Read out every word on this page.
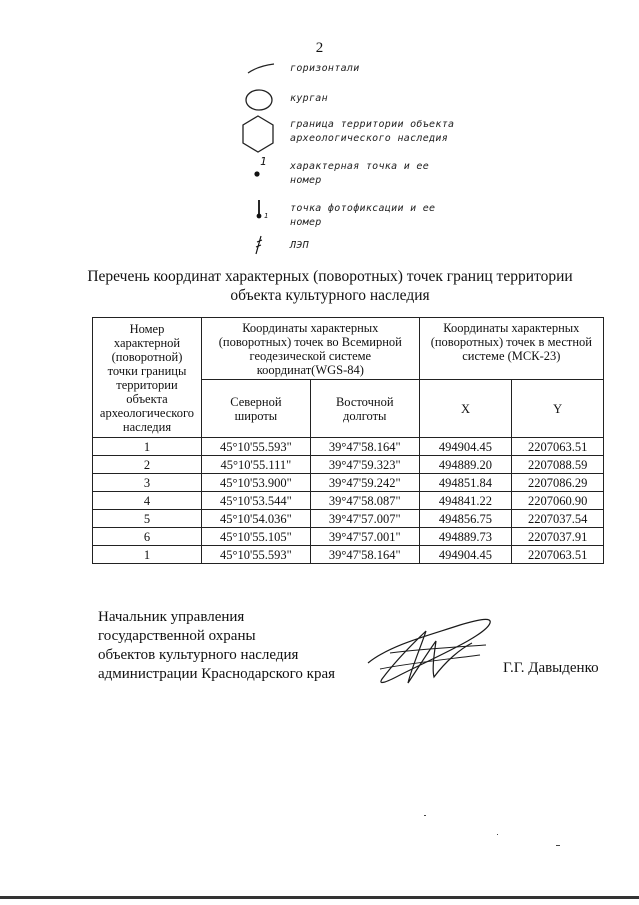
2
горизонтали
курган
граница территории объекта
археологического наследия
1 характерная точка и ее
номер
1
точка фотофиксации и ее
номер
ЛЭП
Перечень координат характерных (поворотных) точек границ территории объекта культурного наследия
Номер характерной (поворотной) точки границы территории объекта археологического наследия	Координаты характерных (поворотных) точек во Всемирной геодезической системе координат(WGS-84)		Координаты характерных (поворотных) точек в местной системе (МСК-23)	
	Северной широты	Восточной долготы	X	Y
1	45°10'55.593"	39°47'58.164"	494904.45	2207063.51
2	45°10'55.111"	39°47'59.323"	494889.20	2207088.59
3	45°10'53.900"	39°47'59.242"	494851.84	2207086.29
4	45°10'53.544"	39°47'58.087"	494841.22	2207060.90
5	45°10'54.036"	39°47'57.007"	494856.75	2207037.54
6	45°10'55.105"	39°47'57.001"	494889.73	2207037.91
1	45°10'55.593"	39°47'58.164"	494904.45	2207063.51
Начальник управления
государственной охраны
объектов культурного наследия
администрации Краснодарского края	Г.Г. Давыденко
